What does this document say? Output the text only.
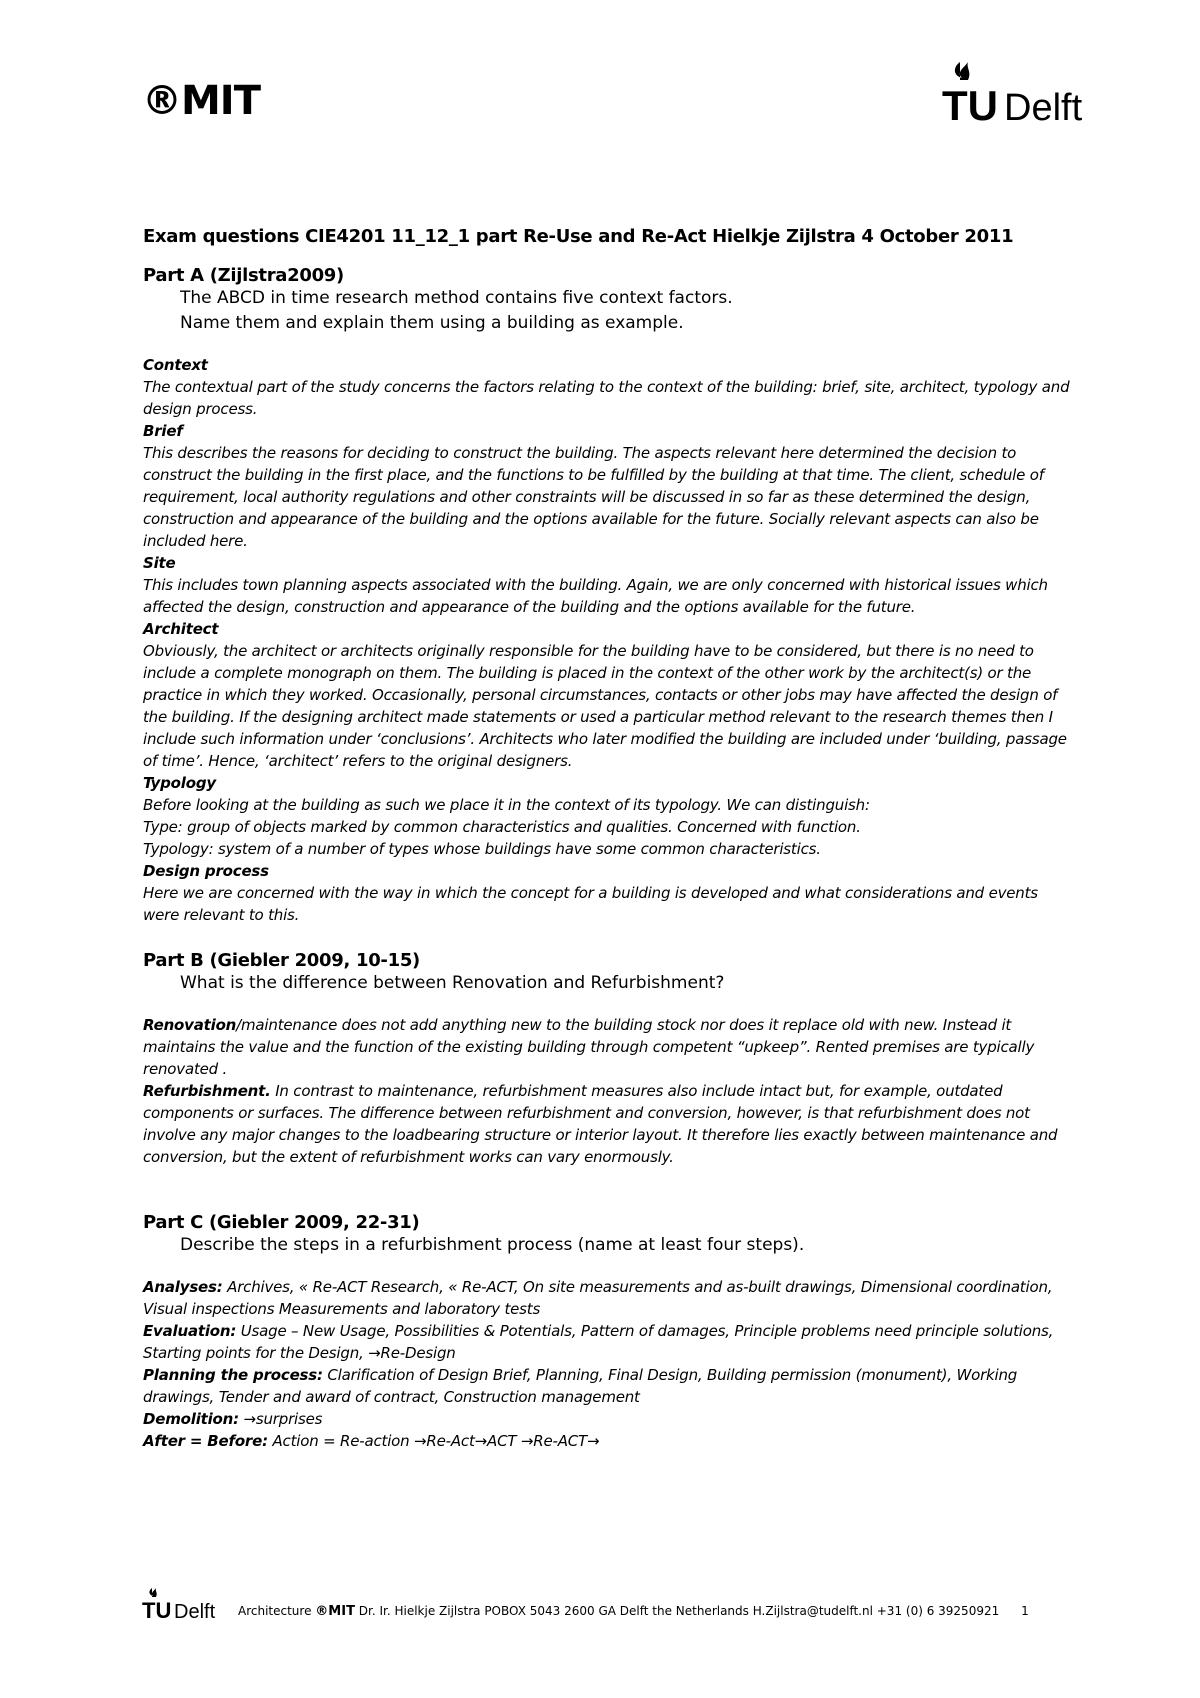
®MIT	TU Delft
Exam questions CIE4201 11_12_1 part Re-Use and Re-Act Hielkje Zijlstra 4 October 2011
Part A (Zijlstra2009)
The ABCD in time research method contains five context factors.
Name them and explain them using a building as example.
Context
The contextual part of the study concerns the factors relating to the context of the building: brief, site, architect, typology and design process.
Brief
This describes the reasons for deciding to construct the building. The aspects relevant here determined the decision to construct the building in the first place, and the functions to be fulfilled by the building at that time. The client, schedule of requirement, local authority regulations and other constraints will be discussed in so far as these determined the design, construction and appearance of the building and the options available for the future. Socially relevant aspects can also be included here.
Site
This includes town planning aspects associated with the building. Again, we are only concerned with historical issues which affected the design, construction and appearance of the building and the options available for the future.
Architect
Obviously, the architect or architects originally responsible for the building have to be considered, but there is no need to include a complete monograph on them. The building is placed in the context of the other work by the architect(s) or the practice in which they worked. Occasionally, personal circumstances, contacts or other jobs may have affected the design of the building. If the designing architect made statements or used a particular method relevant to the research themes then I include such information under ‘conclusions’. Architects who later modified the building are included under ‘building, passage of time’. Hence, ‘architect’ refers to the original designers.
Typology
Before looking at the building as such we place it in the context of its typology. We can distinguish:
Type: group of objects marked by common characteristics and qualities. Concerned with function.
Typology: system of a number of types whose buildings have some common characteristics.
Design process
Here we are concerned with the way in which the concept for a building is developed and what considerations and events were relevant to this.
Part B (Giebler 2009, 10-15)
What is the difference between Renovation and Refurbishment?
Renovation/maintenance does not add anything new to the building stock nor does it replace old with new. Instead it maintains the value and the function of the existing building through competent “upkeep”. Rented premises are typically renovated .
Refurbishment. In contrast to maintenance, refurbishment measures also include intact but, for example, outdated components or surfaces. The difference between refurbishment and conversion, however, is that refurbishment does not involve any major changes to the loadbearing structure or interior layout. It therefore lies exactly between maintenance and conversion, but the extent of refurbishment works can vary enormously.
Part C (Giebler 2009, 22-31)
Describe the steps in a refurbishment process (name at least four steps).
Analyses: Archives, « Re-ACT Research, « Re-ACT, On site measurements and as-built drawings, Dimensional coordination, Visual inspections Measurements and laboratory tests
Evaluation: Usage – New Usage, Possibilities & Potentials, Pattern of damages, Principle problems need principle solutions, Starting points for the Design, →Re-Design
Planning the process: Clarification of Design Brief, Planning, Final Design, Building permission (monument), Working drawings, Tender and award of contract, Construction management
Demolition: →surprises
After = Before: Action = Re-action →Re-Act→ACT →Re-ACT→
TU Delft Architecture ®MIT Dr. Ir. Hielkje Zijlstra POBOX 5043 2600 GA Delft the Netherlands H.Zijlstra@tudelft.nl +31 (0) 6 39250921 1
